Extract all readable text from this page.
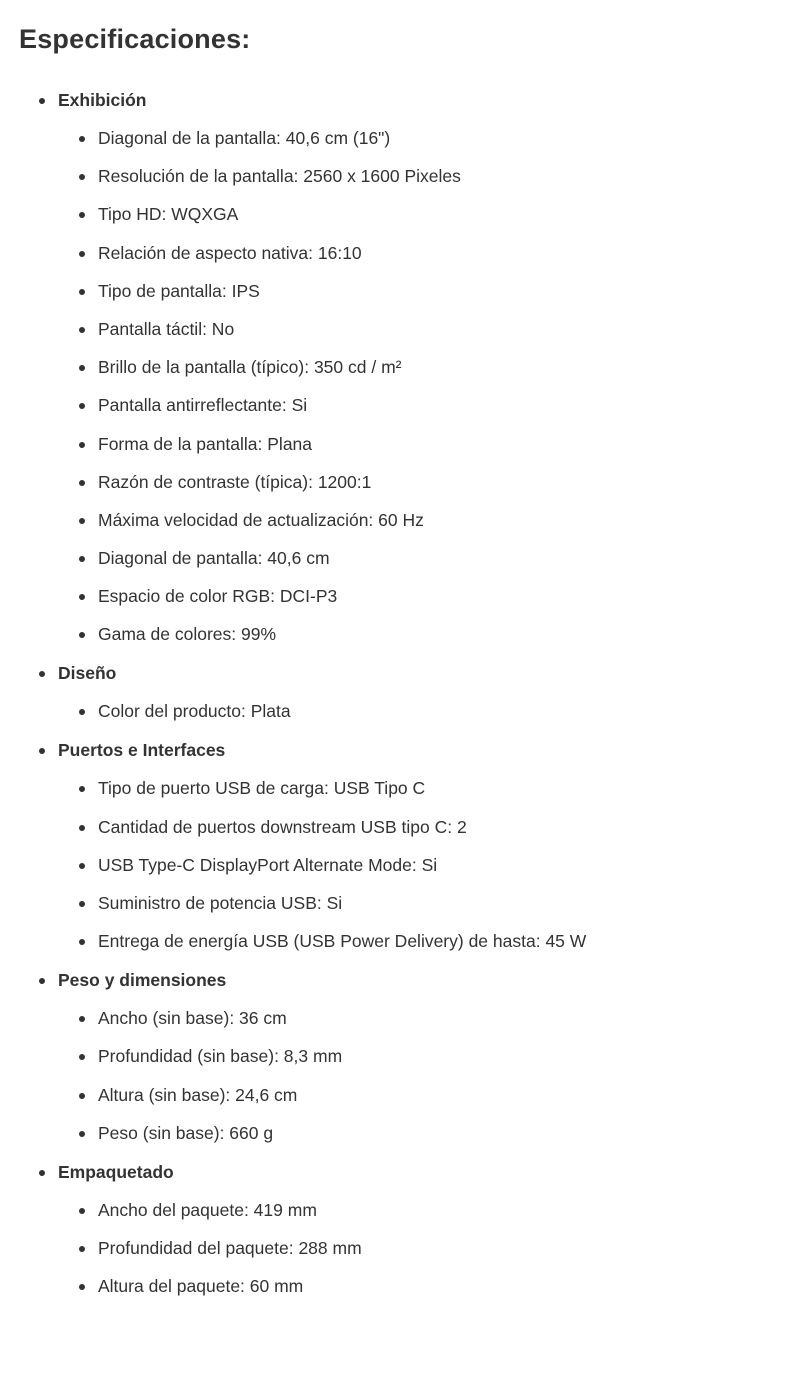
Especificaciones:
Exhibición
Diagonal de la pantalla: 40,6 cm (16")
Resolución de la pantalla: 2560 x 1600 Pixeles
Tipo HD: WQXGA
Relación de aspecto nativa: 16:10
Tipo de pantalla: IPS
Pantalla táctil: No
Brillo de la pantalla (típico): 350 cd / m²
Pantalla antirreflectante: Si
Forma de la pantalla: Plana
Razón de contraste (típica): 1200:1
Máxima velocidad de actualización: 60 Hz
Diagonal de pantalla: 40,6 cm
Espacio de color RGB: DCI-P3
Gama de colores: 99%
Diseño
Color del producto: Plata
Puertos e Interfaces
Tipo de puerto USB de carga: USB Tipo C
Cantidad de puertos downstream USB tipo C: 2
USB Type-C DisplayPort Alternate Mode: Si
Suministro de potencia USB: Si
Entrega de energía USB (USB Power Delivery) de hasta: 45 W
Peso y dimensiones
Ancho (sin base): 36 cm
Profundidad (sin base): 8,3 mm
Altura (sin base): 24,6 cm
Peso (sin base): 660 g
Empaquetado
Ancho del paquete: 419 mm
Profundidad del paquete: 288 mm
Altura del paquete: 60 mm
